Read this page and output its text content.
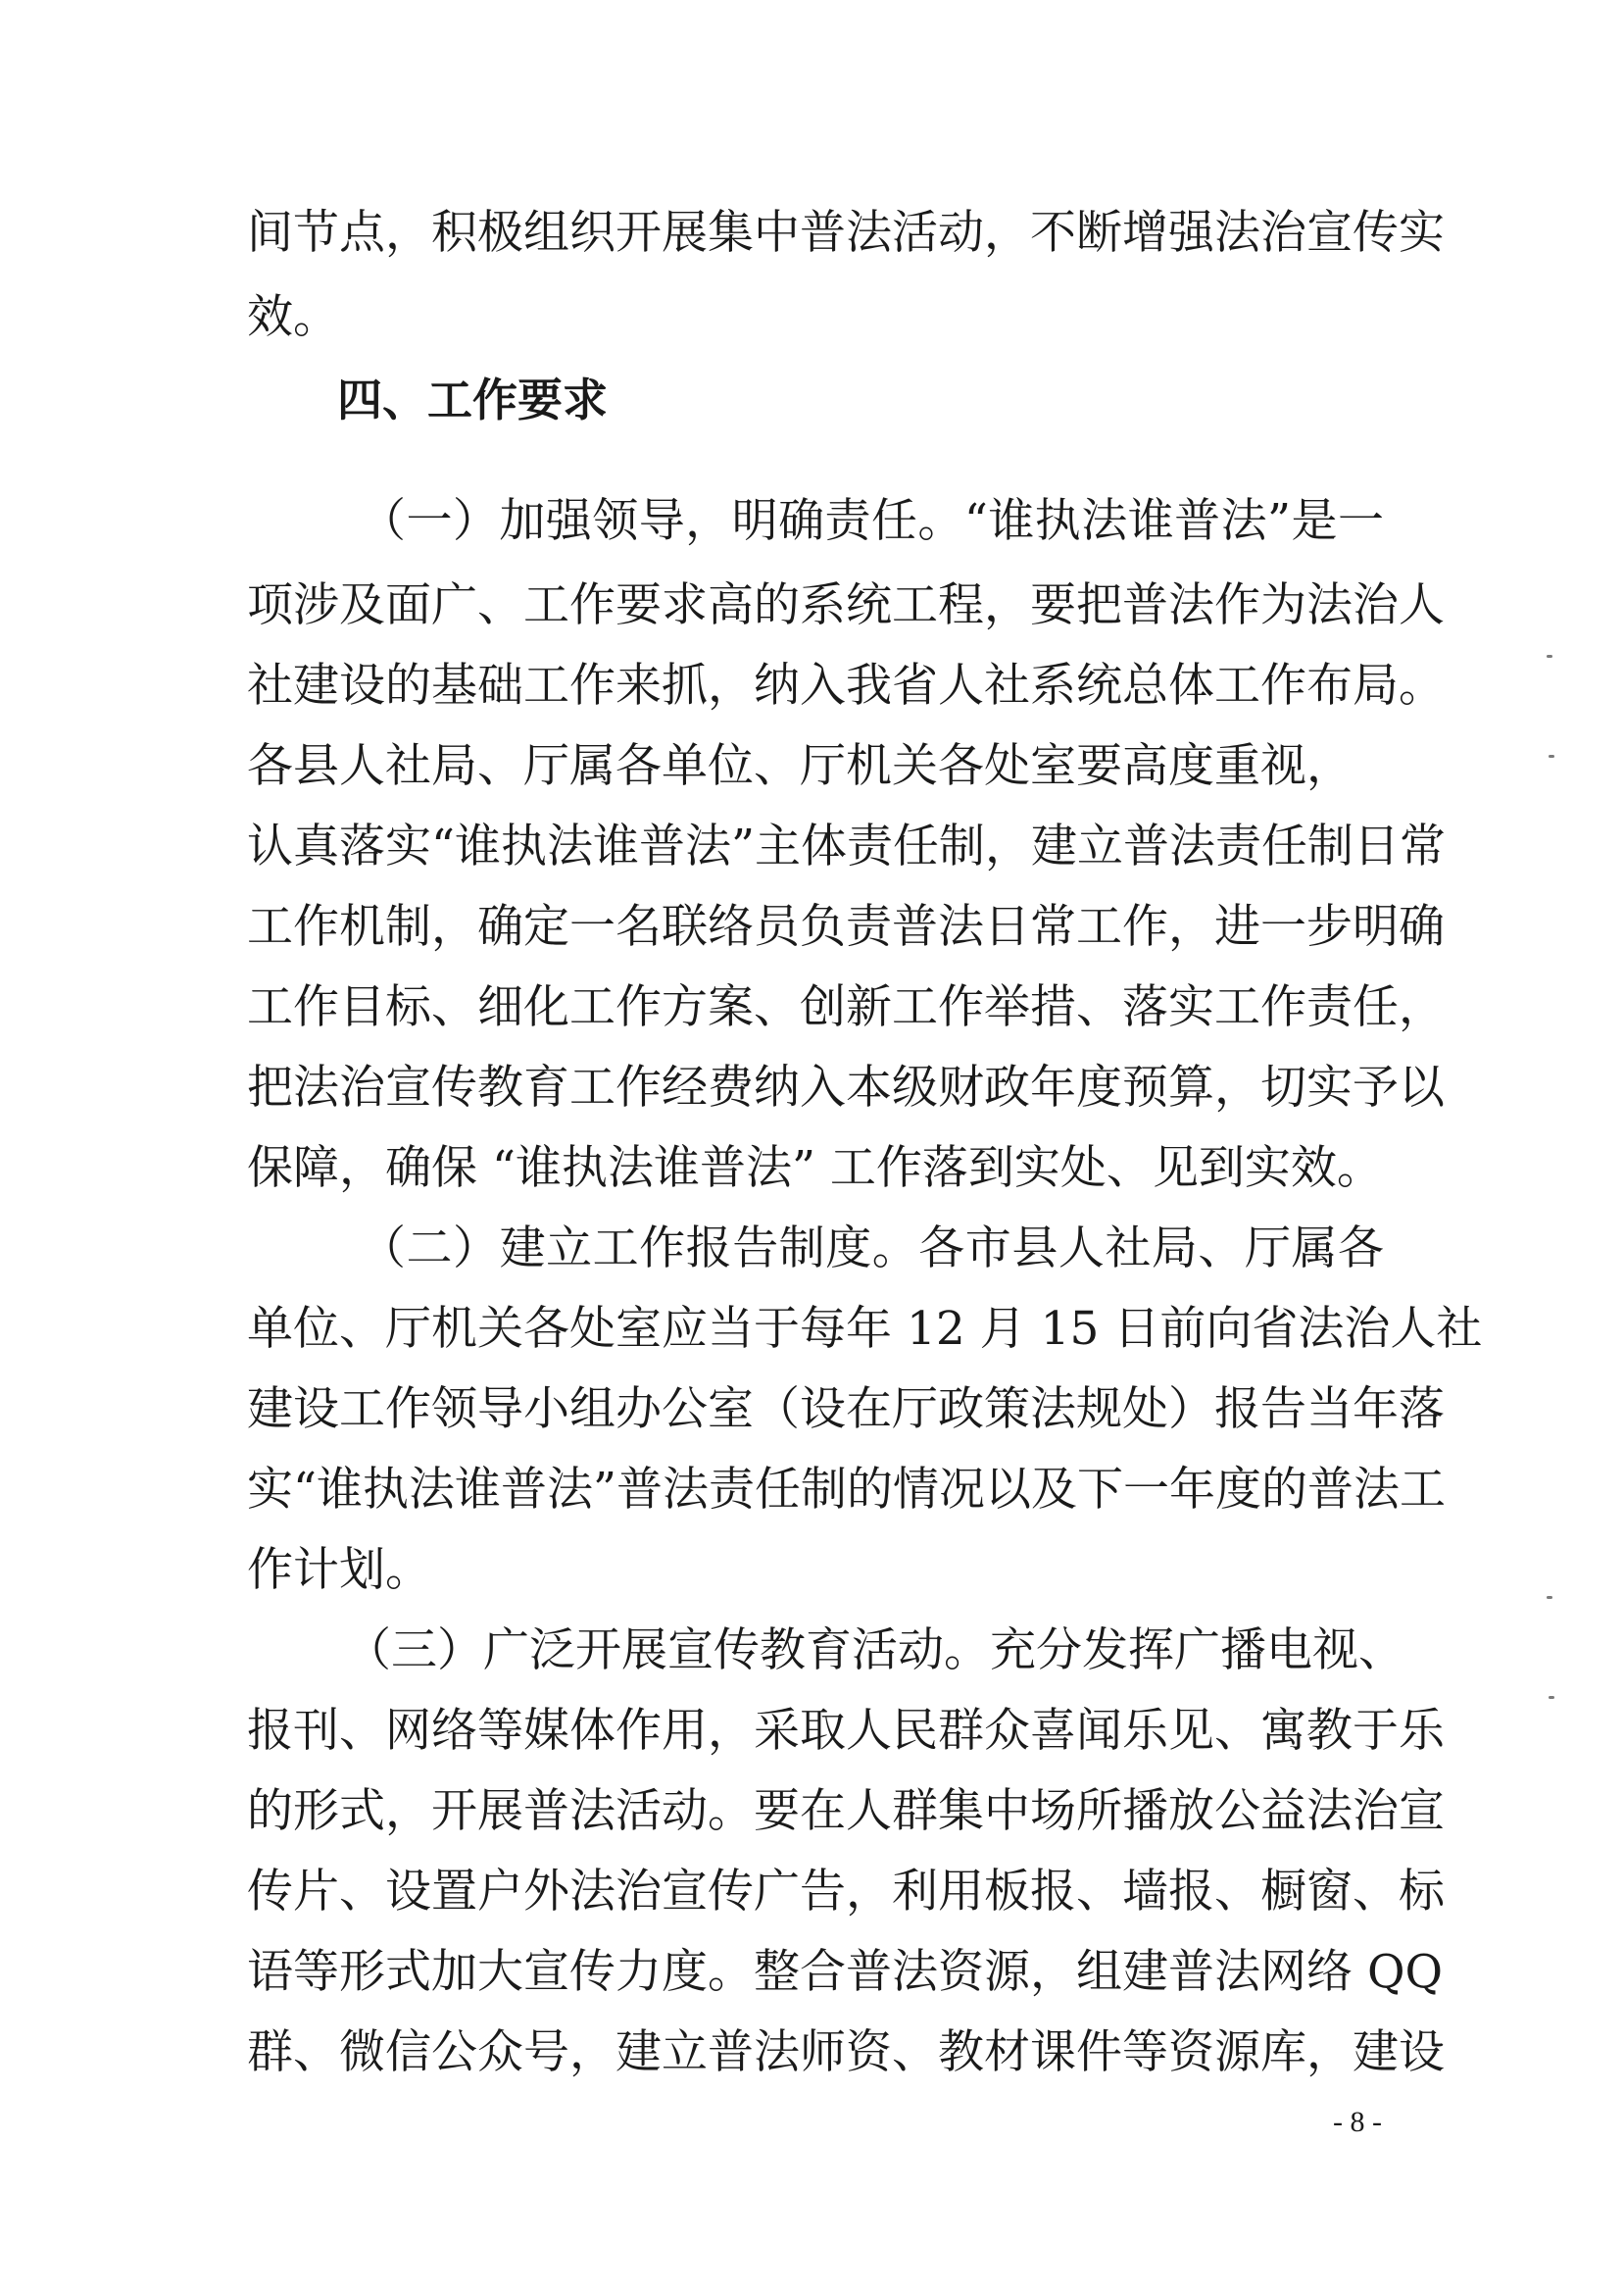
间节点，积极组织开展集中普法活动，不断增强法治宣传实
效。
四、工作要求
（一）加强领导，明确责任。“谁执法谁普法”是一
项涉及面广、工作要求高的系统工程，要把普法作为法治人
社建设的基础工作来抓，纳入我省人社系统总体工作布局。
各县人社局、厅属各单位、厅机关各处室要高度重视，
认真落实“谁执法谁普法”主体责任制，建立普法责任制日常
工作机制，确定一名联络员负责普法日常工作，进一步明确
工作目标、细化工作方案、创新工作举措、落实工作责任，
把法治宣传教育工作经费纳入本级财政年度预算，切实予以
保障，确保 “谁执法谁普法” 工作落到实处、见到实效。
（二）建立工作报告制度。各市县人社局、厅属各
单位、厅机关各处室应当于每年 12 月 15 日前向省法治人社
建设工作领导小组办公室（设在厅政策法规处）报告当年落
实“谁执法谁普法”普法责任制的情况以及下一年度的普法工
作计划。
（三）广泛开展宣传教育活动。充分发挥广播电视、
报刊、网络等媒体作用，采取人民群众喜闻乐见、寓教于乐
的形式，开展普法活动。要在人群集中场所播放公益法治宣
传片、设置户外法治宣传广告，利用板报、墙报、橱窗、标
语等形式加大宣传力度。整合普法资源，组建普法网络 QQ
群、微信公众号，建立普法师资、教材课件等资源库，建设
- 8 -
